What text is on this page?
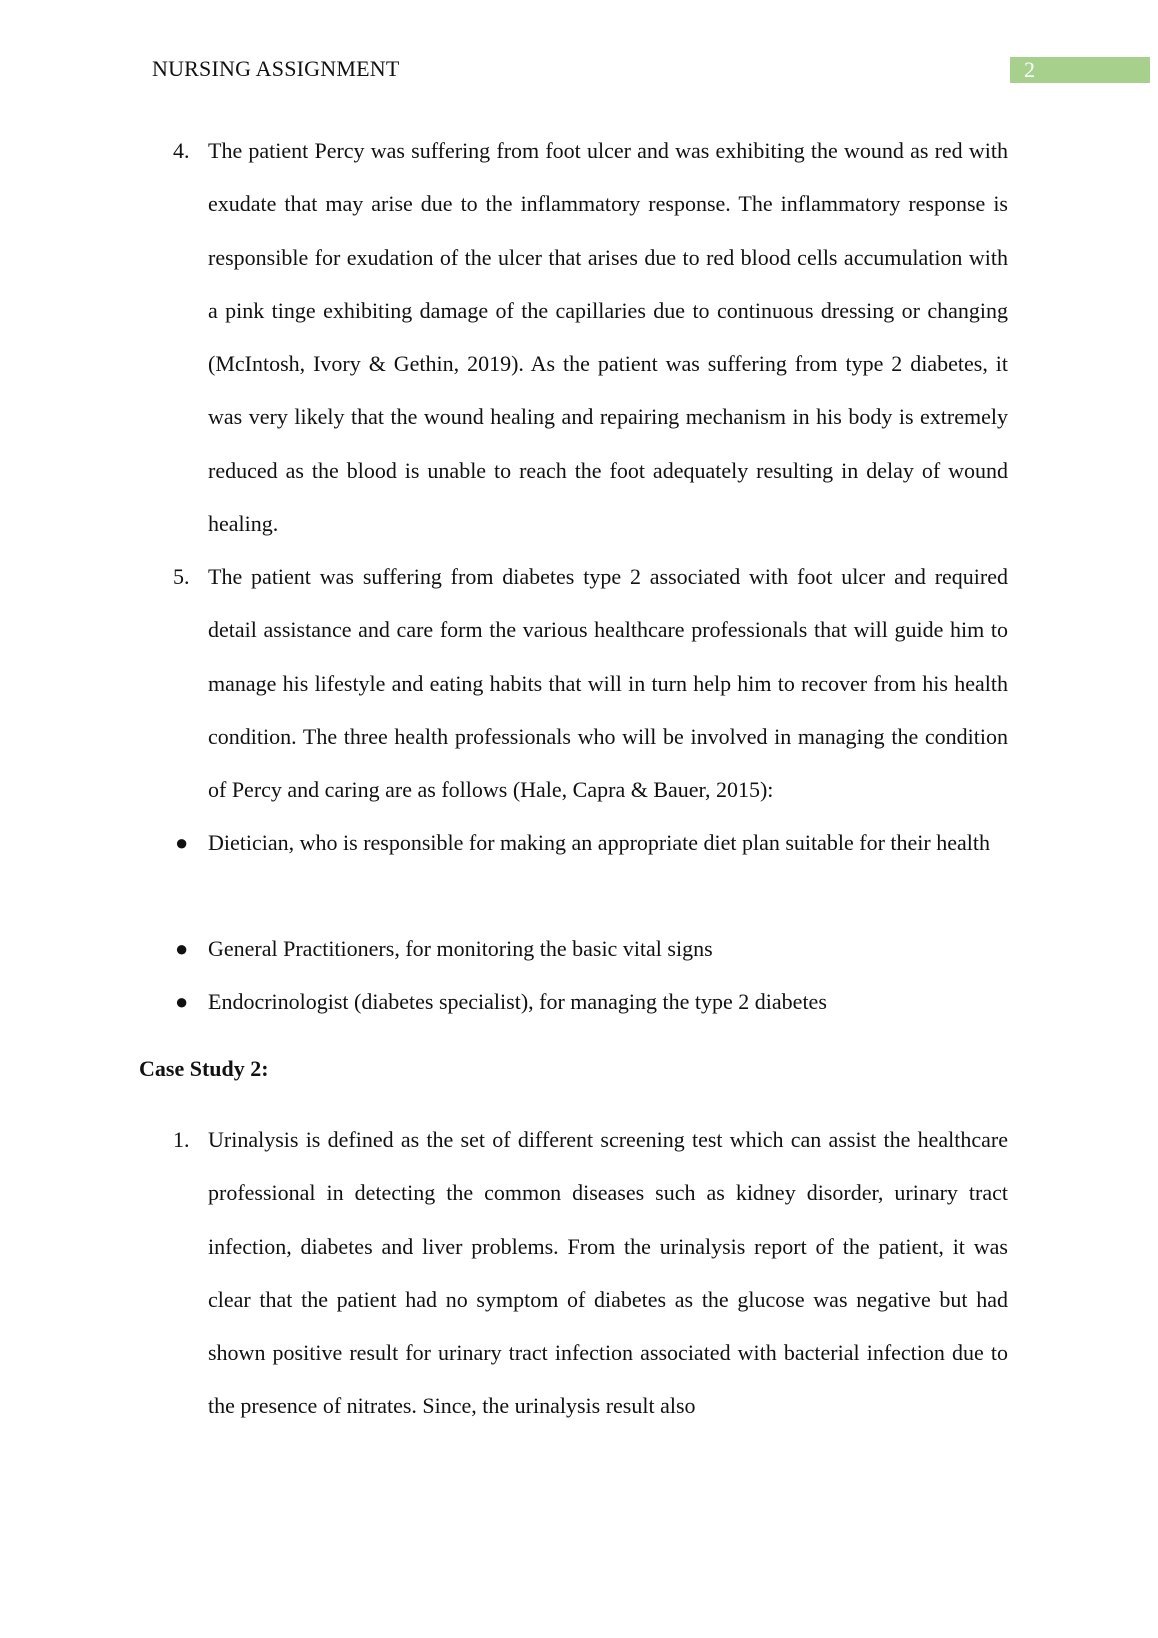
NURSING ASSIGNMENT	2
4. The patient Percy was suffering from foot ulcer and was exhibiting the wound as red with exudate that may arise due to the inflammatory response. The inflammatory response is responsible for exudation of the ulcer that arises due to red blood cells accumulation with a pink tinge exhibiting damage of the capillaries due to continuous dressing or changing (McIntosh, Ivory & Gethin, 2019). As the patient was suffering from type 2 diabetes, it was very likely that the wound healing and repairing mechanism in his body is extremely reduced as the blood is unable to reach the foot adequately resulting in delay of wound healing.
5. The patient was suffering from diabetes type 2 associated with foot ulcer and required detail assistance and care form the various healthcare professionals that will guide him to manage his lifestyle and eating habits that will in turn help him to recover from his health condition. The three health professionals who will be involved in managing the condition of Percy and caring are as follows (Hale, Capra & Bauer, 2015):
● Dietician, who is responsible for making an appropriate diet plan suitable for their health
● General Practitioners, for monitoring the basic vital signs
● Endocrinologist (diabetes specialist), for managing the type 2 diabetes
Case Study 2:
1. Urinalysis is defined as the set of different screening test which can assist the healthcare professional in detecting the common diseases such as kidney disorder, urinary tract infection, diabetes and liver problems. From the urinalysis report of the patient, it was clear that the patient had no symptom of diabetes as the glucose was negative but had shown positive result for urinary tract infection associated with bacterial infection due to the presence of nitrates. Since, the urinalysis result also
